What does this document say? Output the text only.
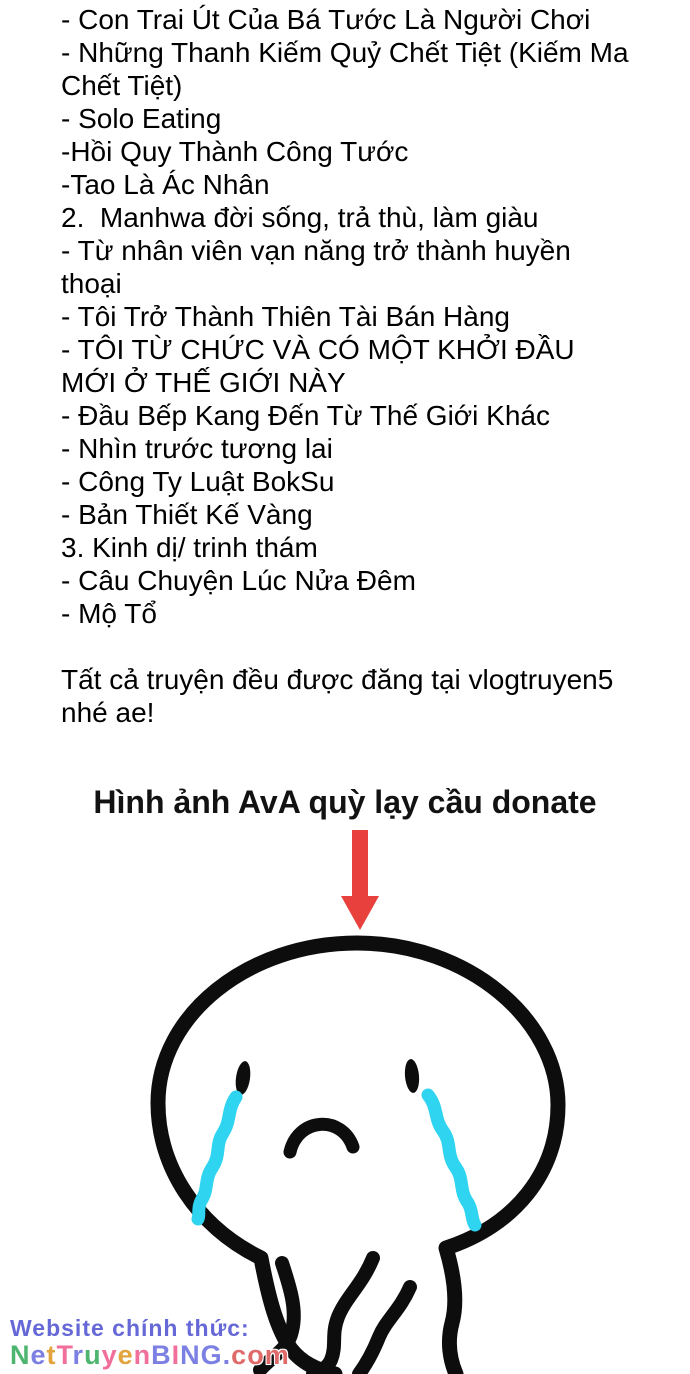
- Con Trai Út Của Bá Tước Là Người Chơi
- Những Thanh Kiếm Quỷ Chết Tiệt (Kiếm Ma Chết Tiệt)
- Solo Eating
-Hồi Quy Thành Công Tước
-Tao Là Ác Nhân
2.  Manhwa đời sống, trả thù, làm giàu
- Từ nhân viên vạn năng trở thành huyền thoại
- Tôi Trở Thành Thiên Tài Bán Hàng
- TÔI TỪ CHỨC VÀ CÓ MỘT KHỞI ĐẦU MỚI Ở THẾ GIỚI NÀY
- Đầu Bếp Kang Đến Từ Thế Giới Khác
- Nhìn trước tương lai
- Công Ty Luật BokSu
- Bản Thiết Kế Vàng
3. Kinh dị/ trinh thám
- Câu Chuyện Lúc Nửa Đêm
- Mộ Tổ
Tất cả truyện đều được đăng tại vlogtruyen5 nhé ae!
Hình ảnh AvA quỳ lạy cầu donate
Website chính thức:
NetTruyenBING.com
